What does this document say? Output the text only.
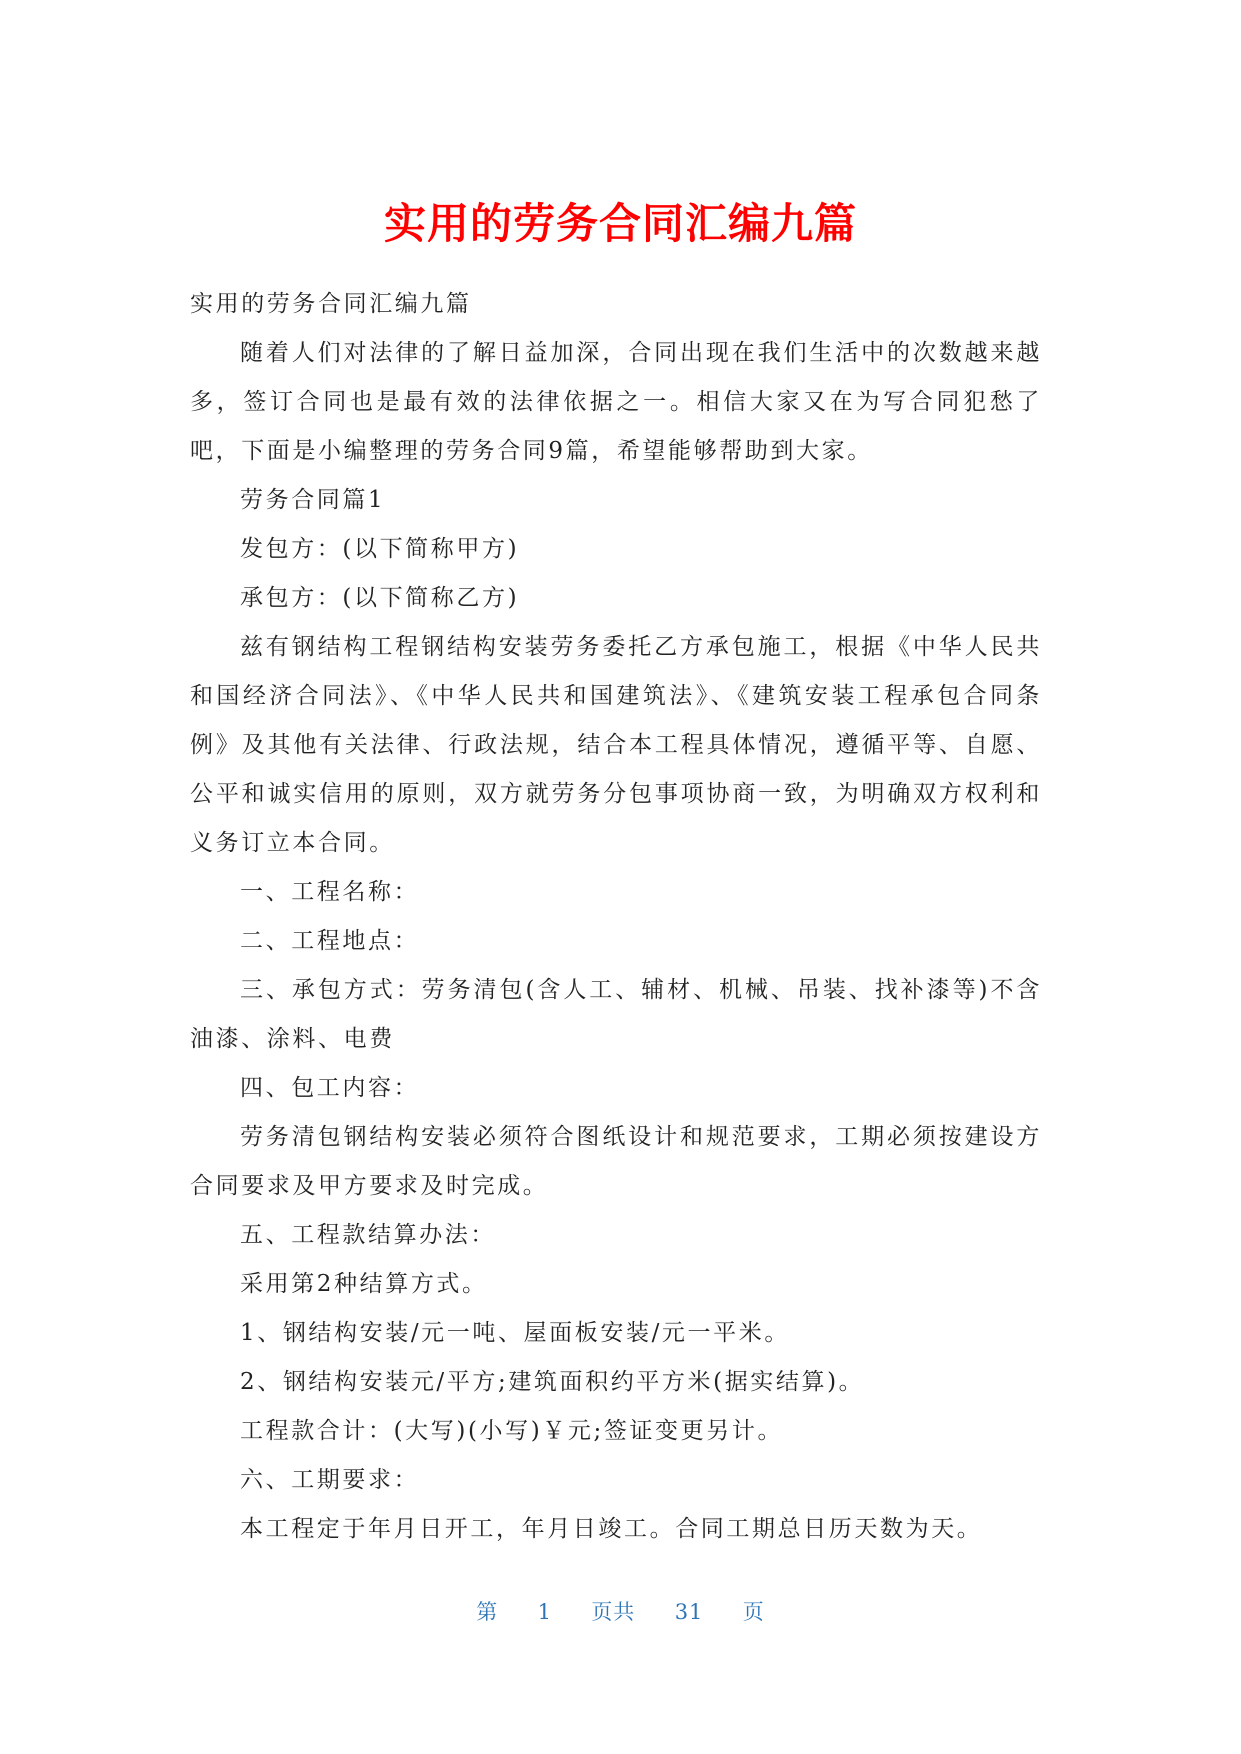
实用的劳务合同汇编九篇

实用的劳务合同汇编九篇

随着人们对法律的了解日益加深，合同出现在我们生活中的次数越来越多，签订合同也是最有效的法律依据之一。相信大家又在为写合同犯愁了吧，下面是小编整理的劳务合同9篇，希望能够帮助到大家。

劳务合同篇1

发包方：(以下简称甲方)

承包方：(以下简称乙方)

兹有钢结构工程钢结构安装劳务委托乙方承包施工，根据《中华人民共和国经济合同法》、《中华人民共和国建筑法》、《建筑安装工程承包合同条例》及其他有关法律、行政法规，结合本工程具体情况，遵循平等、自愿、公平和诚实信用的原则，双方就劳务分包事项协商一致，为明确双方权利和义务订立本合同。

一、工程名称：

二、工程地点：

三、承包方式：劳务清包(含人工、辅材、机械、吊装、找补漆等)不含油漆、涂料、电费

四、包工内容：

劳务清包钢结构安装必须符合图纸设计和规范要求，工期必须按建设方合同要求及甲方要求及时完成。

五、工程款结算办法：

采用第2种结算方式。

1、钢结构安装/元一吨、屋面板安装/元一平米。

2、钢结构安装元/平方;建筑面积约平方米(据实结算)。

工程款合计：(大写)(小写)￥元;签证变更另计。

六、工期要求：

本工程定于年月日开工，年月日竣工。合同工期总日历天数为天。

第 1 页共 31 页
